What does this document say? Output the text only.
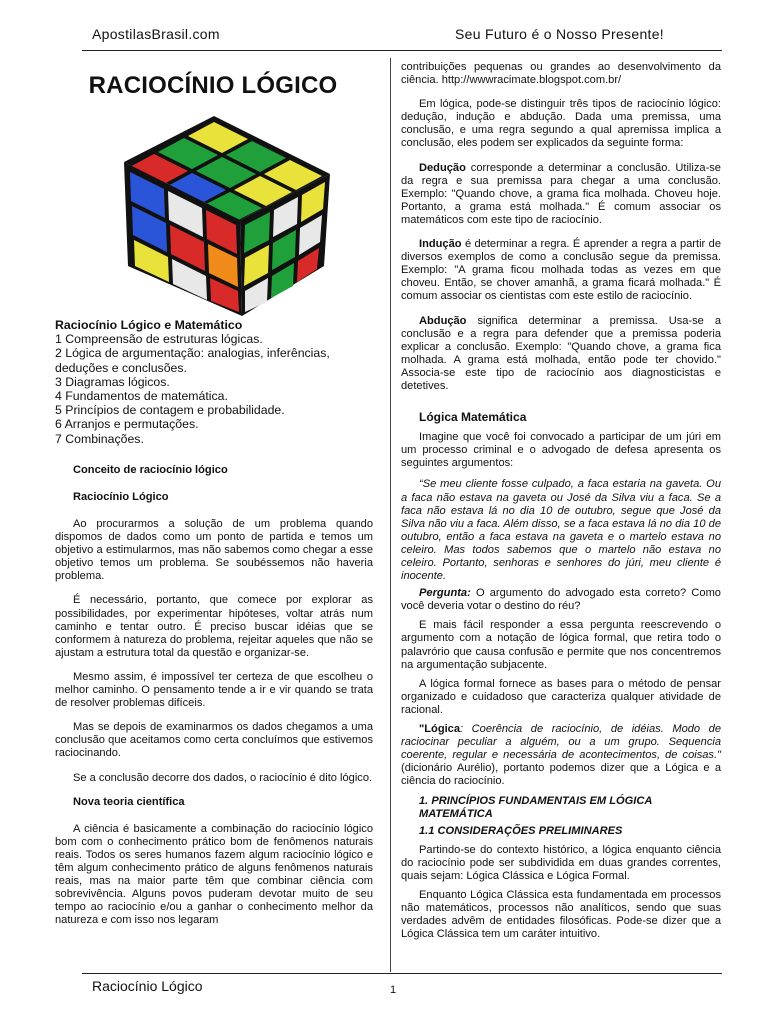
ApostilasBrasil.com	Seu Futuro é o Nosso Presente!
RACIOCÍNIO LÓGICO
Raciocínio Lógico e Matemático
1 Compreensão de estruturas lógicas.
2 Lógica de argumentação: analogias, inferências, deduções e conclusões.
3 Diagramas lógicos.
4 Fundamentos de matemática.
5 Princípios de contagem e probabilidade.
6 Arranjos e permutações.
7 Combinações.
Conceito de raciocínio lógico
Raciocínio Lógico

Ao procurarmos a solução de um problema quando dispomos de dados como um ponto de partida e temos um objetivo a estimularmos, mas não sabemos como chegar a esse objetivo temos um problema. Se soubéssemos não haveria problema.

É necessário, portanto, que comece por explorar as possibilidades, por experimentar hipóteses, voltar atrás num caminho e tentar outro. É preciso buscar idéias que se conformem à natureza do problema, rejeitar aqueles que não se ajustam a estrutura total da questão e organizar-se.

Mesmo assim, é impossível ter certeza de que escolheu o melhor caminho. O pensamento tende a ir e vir quando se trata de resolver problemas difíceis.

Mas se depois de examinarmos os dados chegamos a uma conclusão que aceitamos como certa concluímos que estivemos raciocinando.

Se a conclusão decorre dos dados, o raciocínio é dito lógico.

Nova teoria científica

A ciência é basicamente a combinação do raciocínio lógico bom com o conhecimento prático bom de fenômenos naturais reais. Todos os seres humanos fazem algum raciocínio lógico e têm algum conhecimento prático de alguns fenômenos naturais reais, mas na maior parte têm que combinar ciência com sobrevivência. Alguns povos puderam devotar muito de seu tempo ao raciocínio e/ou a ganhar o conhecimento melhor da natureza e com isso nos legaram

contribuições pequenas ou grandes ao desenvolvimento da ciência. http://wwwracimate.blogspot.com.br/

Em lógica, pode-se distinguir três tipos de raciocínio lógico: dedução, indução e abdução. Dada uma premissa, uma conclusão, e uma regra segundo a qual apremissa implica a conclusão, eles podem ser explicados da seguinte forma:

Dedução corresponde a determinar a conclusão. Utiliza-se da regra e sua premissa para chegar a uma conclusão. Exemplo: "Quando chove, a grama fica molhada. Choveu hoje. Portanto, a grama está molhada." É comum associar os matemáticos com este tipo de raciocínio.

Indução é determinar a regra. É aprender a regra a partir de diversos exemplos de como a conclusão segue da premissa. Exemplo: "A grama ficou molhada todas as vezes em que choveu. Então, se chover amanhã, a grama ficará molhada." É comum associar os cientistas com este estilo de raciocínio.

Abdução significa determinar a premissa. Usa-se a conclusão e a regra para defender que a premissa poderia explicar a conclusão. Exemplo: "Quando chove, a grama fica molhada. A grama está molhada, então pode ter chovido." Associa-se este tipo de raciocínio aos diagnosticistas e detetives.

Lógica Matemática

Imagine que você foi convocado a participar de um júri em um processo criminal e o advogado de defesa apresenta os seguintes argumentos:

“Se meu cliente fosse culpado, a faca estaria na gaveta. Ou a faca não estava na gaveta ou José da Silva viu a faca. Se a faca não estava lá no dia 10 de outubro, segue que José da Silva não viu a faca. Além disso, se a faca estava lá no dia 10 de outubro, então a faca estava na gaveta e o martelo estava no celeiro. Mas todos sabemos que o martelo não estava no celeiro. Portanto, senhoras e senhores do júri, meu cliente é inocente.

Pergunta: O argumento do advogado esta correto? Como você deveria votar o destino do réu?

E mais fácil responder a essa pergunta reescrevendo o argumento com a notação de lógica formal, que retira todo o palavrório que causa confusão e permite que nos concentremos na argumentação subjacente.

A lógica formal fornece as bases para o método de pensar organizado e cuidadoso que caracteriza qualquer atividade de racional.

"Lógica: Coerência de raciocínio, de idéias. Modo de raciocinar peculiar a alguém, ou a um grupo. Sequencia coerente, regular e necessária de acontecimentos, de coisas." (dicionário Aurélio), portanto podemos dizer que a Lógica e a ciência do raciocínio.

1. PRINCÍPIOS FUNDAMENTAIS EM LÓGICA MATEMÁTICA
1.1 CONSIDERAÇÕES PRELIMINARES

Partindo-se do contexto histórico, a lógica enquanto ciência do raciocínio pode ser subdividida em duas grandes correntes, quais sejam: Lógica Clássica e Lógica Formal.

Enquanto Lógica Clássica esta fundamentada em processos não matemáticos, processos não analíticos, sendo que suas verdades advêm de entidades filosóficas. Pode-se dizer que a Lógica Clássica tem um caráter intuitivo.

Raciocínio Lógico	1
